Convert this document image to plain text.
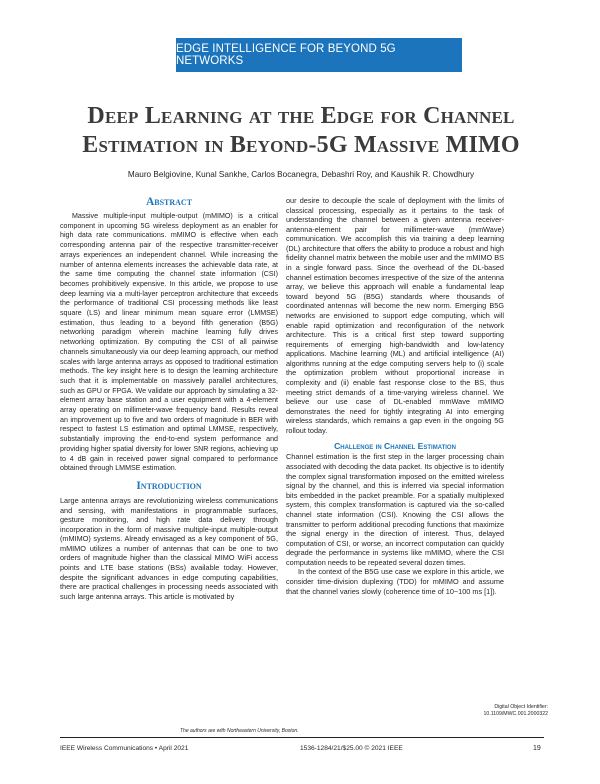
EDGE INTELLIGENCE FOR BEYOND 5G NETWORKS
Deep Learning at the Edge for Channel Estimation in Beyond-5G Massive MIMO
Mauro Belgiovine, Kunal Sankhe, Carlos Bocanegra, Debashri Roy, and Kaushik R. Chowdhury
Abstract

Massive multiple-input multiple-output (mMIMO) is a critical component in upcoming 5G wireless deployment as an enabler for high data rate communications. mMIMO is effective when each corresponding antenna pair of the respective transmitter-receiver arrays experiences an independent channel. While increasing the number of antenna elements increases the achievable data rate, at the same time computing the channel state information (CSI) becomes prohibitively expensive. In this article, we propose to use deep learning via a multi-layer perceptron architecture that exceeds the performance of traditional CSI processing methods like least square (LS) and linear minimum mean square error (LMMSE) estimation, thus leading to a beyond fifth generation (B5G) networking paradigm wherein machine learning fully drives networking optimization. By computing the CSI of all pairwise channels simultaneously via our deep learning approach, our method scales with large antenna arrays as opposed to traditional estimation methods. The key insight here is to design the learning architecture such that it is implementable on massively parallel architectures, such as GPU or FPGA. We validate our approach by simulating a 32-element array base station and a user equipment with a 4-element array operating on millimeter-wave frequency band. Results reveal an improvement up to five and two orders of magnitude in BER with respect to fastest LS estimation and optimal LMMSE, respectively, substantially improving the end-to-end system performance and providing higher spatial diversity for lower SNR regions, achieving up to 4 dB gain in received power signal compared to performance obtained through LMMSE estimation.

Introduction

Large antenna arrays are revolutionizing wireless communications and sensing, with manifestations in programmable surfaces, gesture monitoring, and high rate data delivery through incorporation in the form of massive multiple-input multiple-output (mMIMO) systems. Already envisaged as a key component of 5G, mMIMO utilizes a number of antennas that can be one to two orders of magnitude higher than the classical MIMO WiFi access points and LTE base stations (BSs) available today. However, despite the significant advances in edge computing capabilities, there are practical challenges in processing needs associated with such large antenna arrays. This article is motivated by

our desire to decouple the scale of deployment with the limits of classical processing, especially as it pertains to the task of understanding the channel between a given antenna receiver-antenna-element pair for millimeter-wave (mmWave) communication. We accomplish this via training a deep learning (DL) architecture that offers the ability to produce a robust and high fidelity channel matrix between the mobile user and the mMIMO BS in a single forward pass. Since the overhead of the DL-based channel estimation becomes irrespective of the size of the antenna array, we believe this approach will enable a fundamental leap toward beyond 5G (B5G) standards where thousands of coordinated antennas will become the new norm. Emerging B5G networks are envisioned to support edge computing, which will enable rapid optimization and reconfiguration of the network architecture. This is a critical first step toward supporting requirements of emerging high-bandwidth and low-latency applications. Machine learning (ML) and artificial intelligence (AI) algorithms running at the edge computing servers help to (i) scale the optimization problem without proportional increase in complexity and (ii) enable fast response close to the BS, thus meeting strict demands of a time-varying wireless channel. We believe our use case of DL-enabled mmWave mMIMO demonstrates the need for tightly integrating AI into emerging wireless standards, which remains a gap even in the ongoing 5G rollout today.

Challenge in Channel Estimation

Channel estimation is the first step in the larger processing chain associated with decoding the data packet. Its objective is to identify the complex signal transformation imposed on the emitted wireless signal by the channel, and this is inferred via special information bits embedded in the packet preamble. For a spatially multiplexed system, this complex transformation is captured via the so-called channel state information (CSI). Knowing the CSI allows the transmitter to perform additional precoding functions that maximize the signal energy in the direction of interest. Thus, delayed computation of CSI, or worse, an incorrect computation can quickly degrade the performance in systems like mMIMO, where the CSI computation needs to be repeated several dozen times.

In the context of the B5G use case we explore in this article, we consider time-division duplexing (TDD) for mMIMO and assume that the channel varies slowly (coherence time of 10~100 ms [1]).

Digital Object Identifier:
10.1109/MWC.001.2000322
The authors are with Northeastern University, Boston.
IEEE Wireless Communications • April 2021	1536-1284/21/$25.00 © 2021 IEEE	19
